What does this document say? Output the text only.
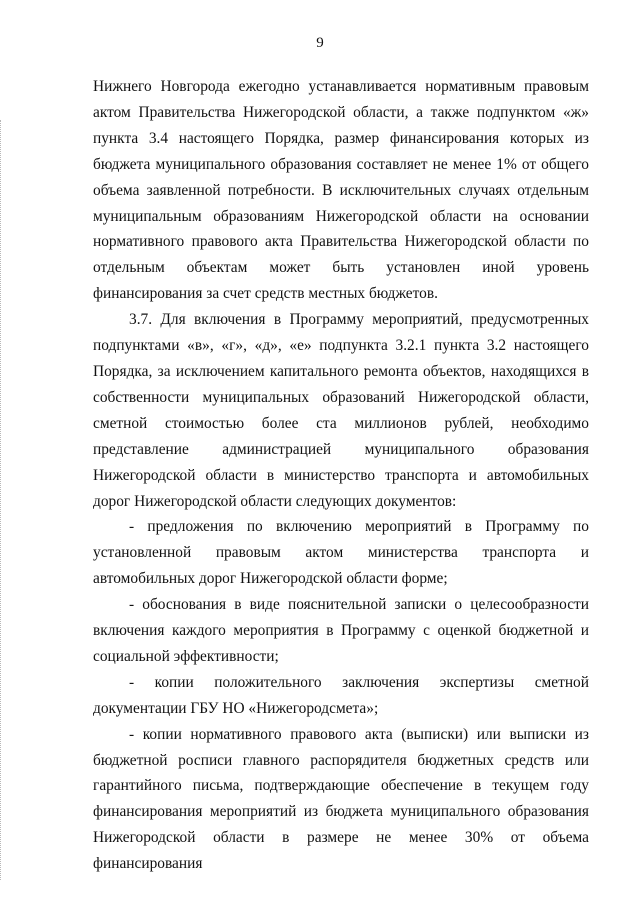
9

Нижнего Новгорода ежегодно устанавливается нормативным правовым актом Правительства Нижегородской области, а также подпунктом «ж» пункта 3.4 настоящего Порядка, размер финансирования которых из бюджета муниципального образования составляет не менее 1% от общего объема заявленной потребности. В исключительных случаях отдельным муниципальным образованиям Нижегородской области на основании нормативного правового акта Правительства Нижегородской области по отдельным объектам может быть установлен иной уровень финансирования за счет средств местных бюджетов.

3.7. Для включения в Программу мероприятий, предусмотренных подпунктами «в», «г», «д», «е» подпункта 3.2.1 пункта 3.2 настоящего Порядка, за исключением капитального ремонта объектов, находящихся в собственности муниципальных образований Нижегородской области, сметной стоимостью более ста миллионов рублей, необходимо представление администрацией муниципального образования Нижегородской области в министерство транспорта и автомобильных дорог Нижегородской области следующих документов:

- предложения по включению мероприятий в Программу по установленной правовым актом министерства транспорта и автомобильных дорог Нижегородской области форме;

- обоснования в виде пояснительной записки о целесообразности включения каждого мероприятия в Программу с оценкой бюджетной и социальной эффективности;

- копии положительного заключения экспертизы сметной документации ГБУ НО «Нижегородсмета»;

- копии нормативного правового акта (выписки) или выписки из бюджетной росписи главного распорядителя бюджетных средств или гарантийного письма, подтверждающие обеспечение в текущем году финансирования мероприятий из бюджета муниципального образования Нижегородской области в размере не менее 30% от объема финансирования
